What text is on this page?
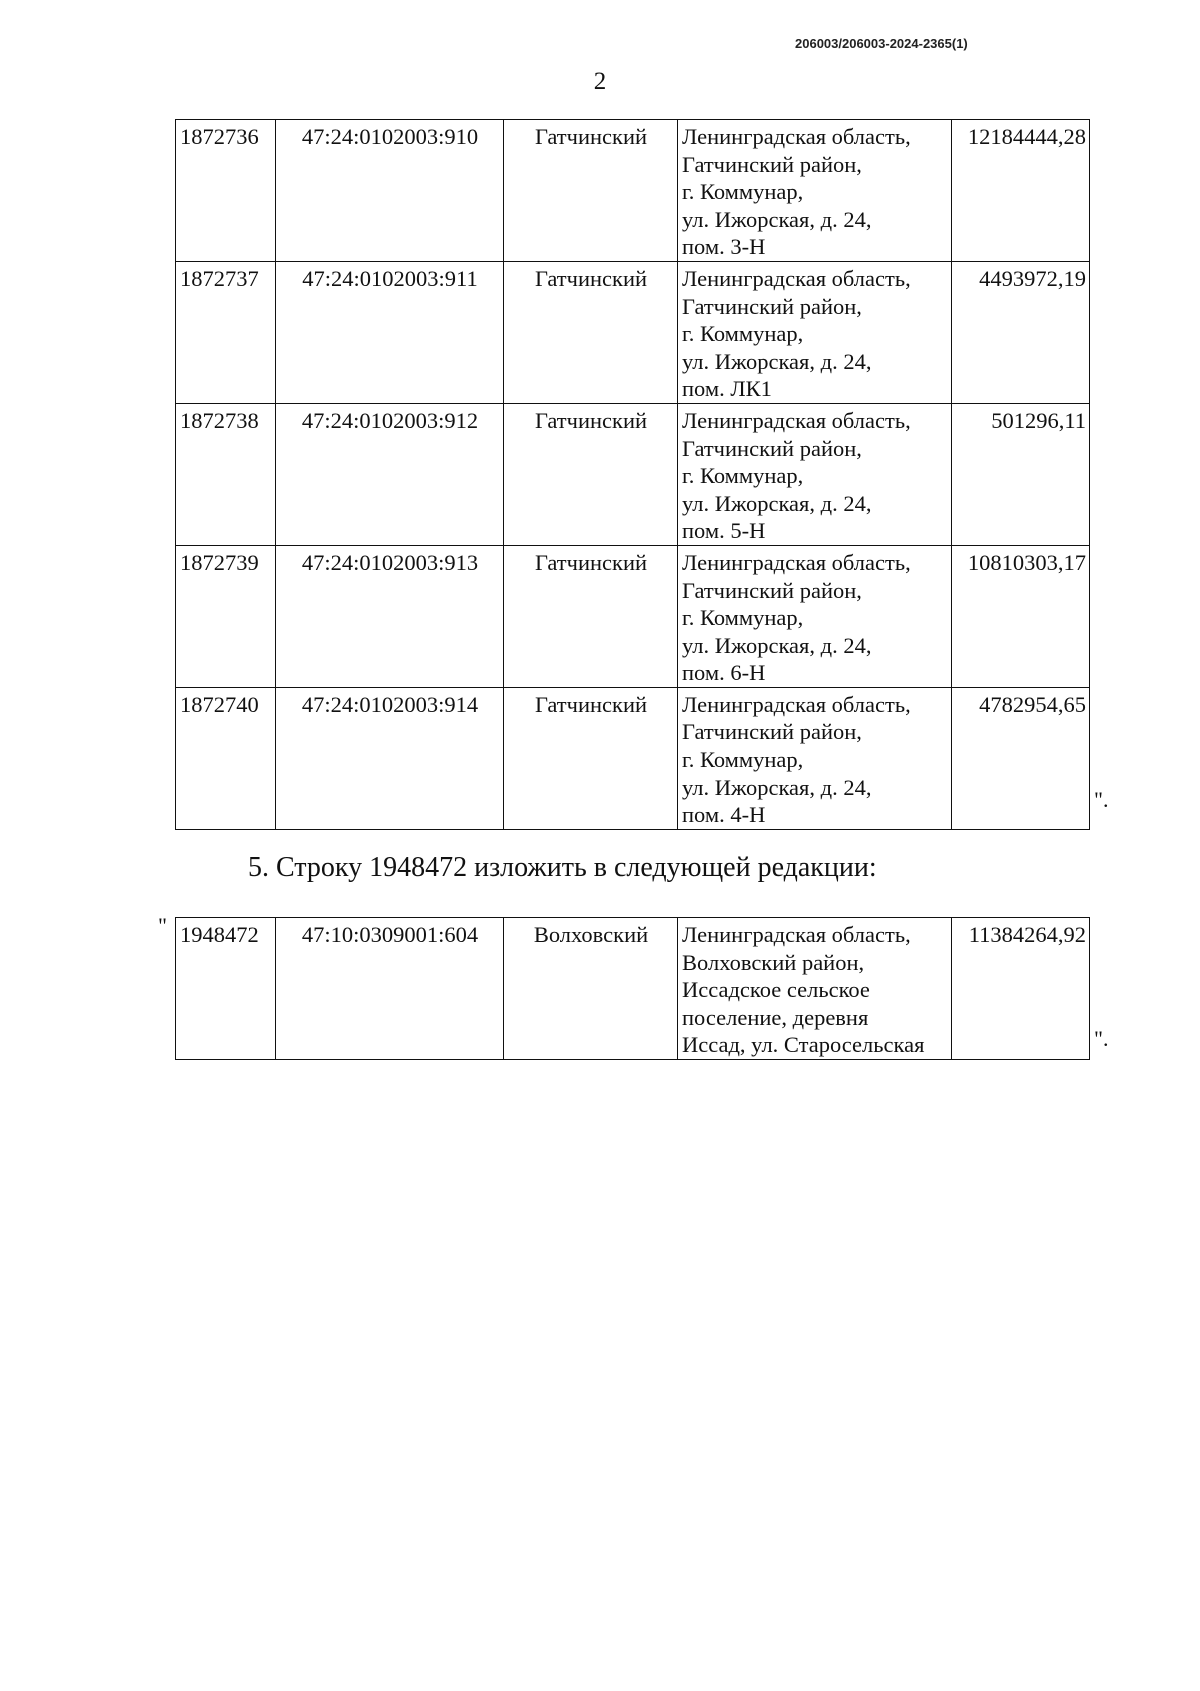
206003/206003-2024-2365(1)
2
1872736	47:24:0102003:910	Гатчинский	Ленинградская область,
Гатчинский район,
г. Коммунар,
ул. Ижорская, д. 24,
пом. 3-Н	12184444,28
1872737	47:24:0102003:911	Гатчинский	Ленинградская область,
Гатчинский район,
г. Коммунар,
ул. Ижорская, д. 24,
пом. ЛК1	4493972,19
1872738	47:24:0102003:912	Гатчинский	Ленинградская область,
Гатчинский район,
г. Коммунар,
ул. Ижорская, д. 24,
пом. 5-Н	501296,11
1872739	47:24:0102003:913	Гатчинский	Ленинградская область,
Гатчинский район,
г. Коммунар,
ул. Ижорская, д. 24,
пом. 6-Н	10810303,17
1872740	47:24:0102003:914	Гатчинский	Ленинградская область,
Гатчинский район,
г. Коммунар,
ул. Ижорская, д. 24,
пом. 4-Н	4782954,65
".
5. Строку 1948472 изложить в следующей редакции:
" 1948472	47:10:0309001:604	Волховский	Ленинградская область,
Волховский район,
Иссадское сельское
поселение, деревня
Иссад, ул. Старосельская
	11384264,92
".
